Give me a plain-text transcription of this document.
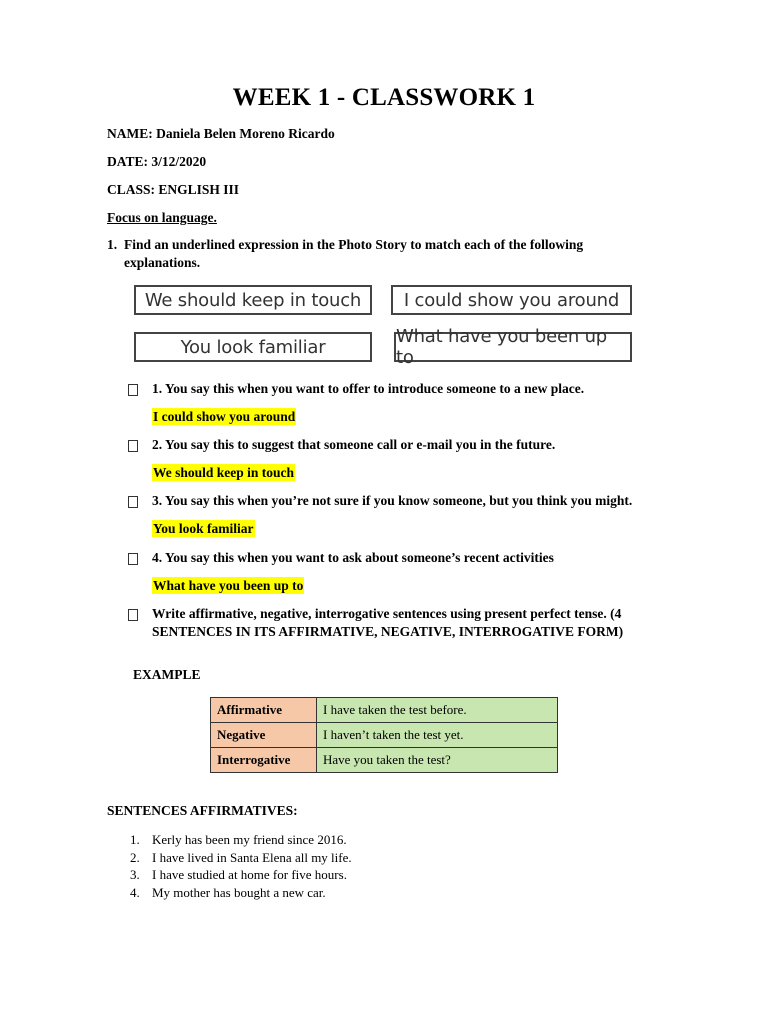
WEEK 1 - CLASSWORK 1
NAME: Daniela Belen Moreno Ricardo
DATE: 3/12/2020
CLASS: ENGLISH III
Focus on language.
1. Find an underlined expression in the Photo Story to match each of the following explanations.
We should keep in touch	I could show you around
You look familiar	What have you been up to
1. You say this when you want to offer to introduce someone to a new place.
I could show you around
2. You say this to suggest that someone call or e-mail you in the future.
We should keep in touch
3. You say this when you’re not sure if you know someone, but you think you might.
You look familiar
4. You say this when you want to ask about someone’s recent activities
What have you been up to
Write affirmative, negative, interrogative sentences using present perfect tense. (4
SENTENCES IN ITS AFFIRMATIVE, NEGATIVE, INTERROGATIVE FORM)
EXAMPLE
Affirmative	I have taken the test before.
Negative	I haven’t taken the test yet.
Interrogative	Have you taken the test?
SENTENCES AFFIRMATIVES:
1. Kerly has been my friend since 2016.
2. I have lived in Santa Elena all my life.
3. I have studied at home for five hours.
4. My mother has bought a new car.
